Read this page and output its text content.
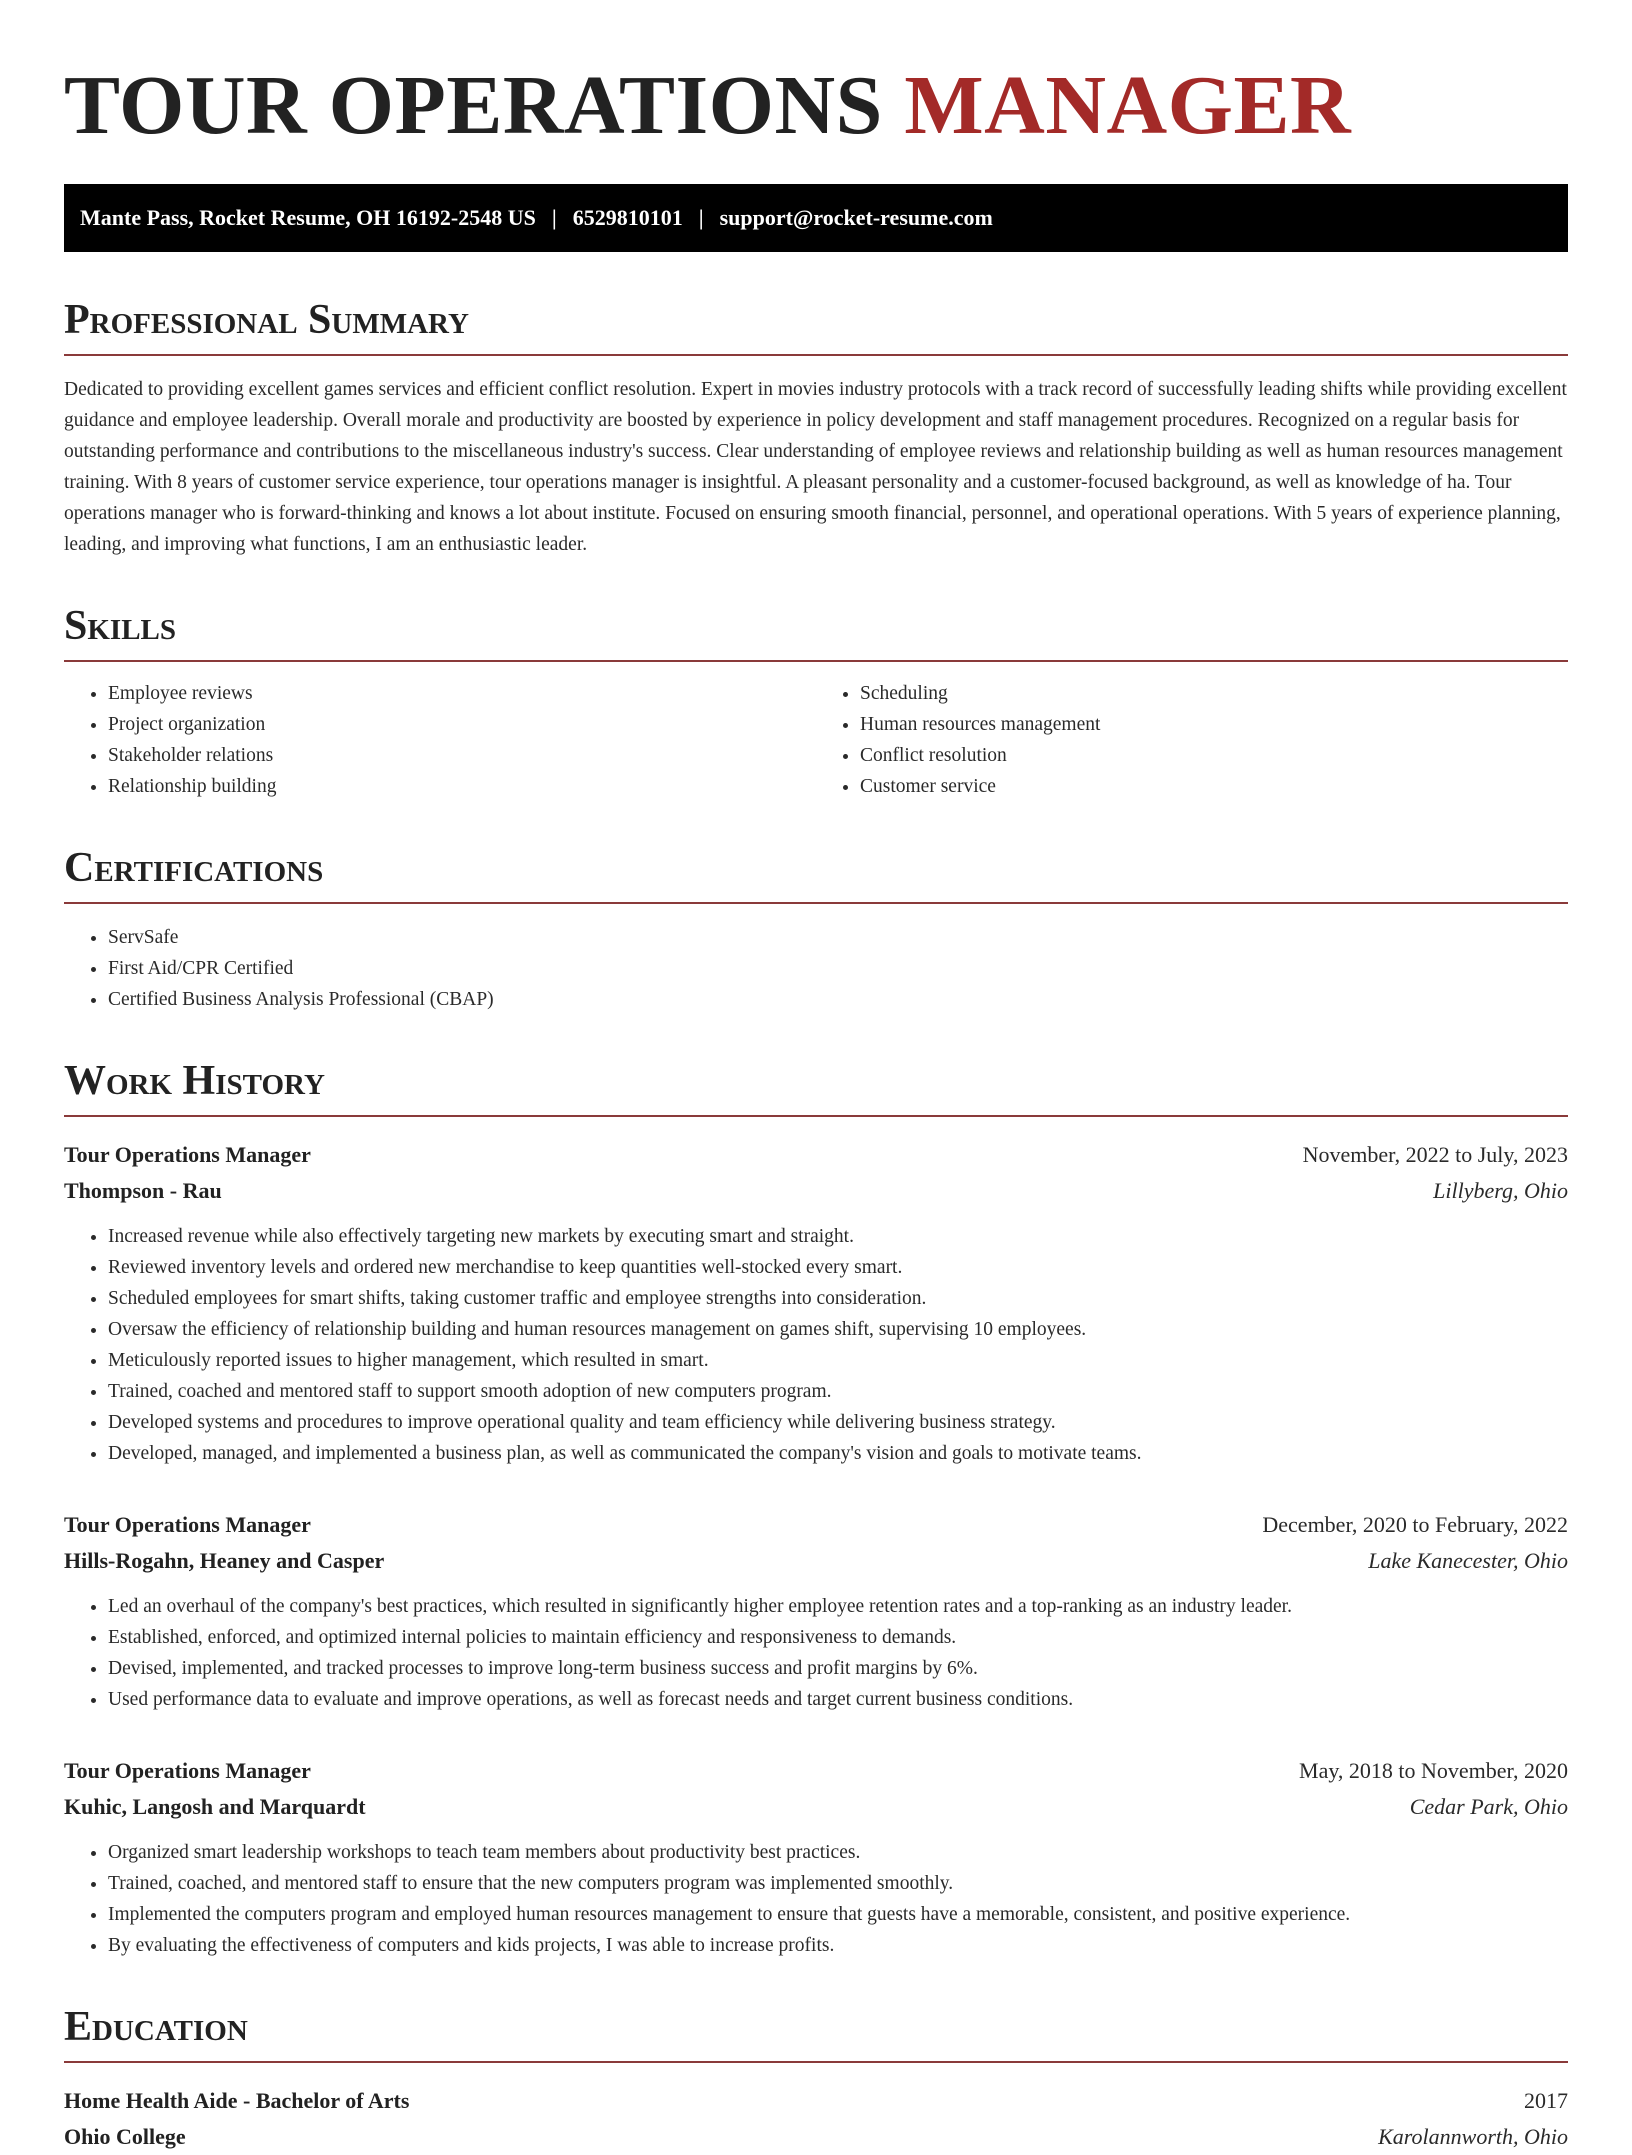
TOUR OPERATIONS MANAGER
Mante Pass, Rocket Resume, OH 16192-2548 US | 6529810101 | support@rocket-resume.com
Professional Summary

Dedicated to providing excellent games services and efficient conflict resolution. Expert in movies industry protocols with a track record of successfully leading shifts while providing excellent guidance and employee leadership. Overall morale and productivity are boosted by experience in policy development and staff management procedures. Recognized on a regular basis for outstanding performance and contributions to the miscellaneous industry's success. Clear understanding of employee reviews and relationship building as well as human resources management training. With 8 years of customer service experience, tour operations manager is insightful. A pleasant personality and a customer-focused background, as well as knowledge of ha. Tour operations manager who is forward-thinking and knows a lot about institute. Focused on ensuring smooth financial, personnel, and operational operations. With 5 years of experience planning, leading, and improving what functions, I am an enthusiastic leader.

Skills
• Employee reviews
• Project organization
• Stakeholder relations
• Relationship building
• Scheduling
• Human resources management
• Conflict resolution
• Customer service
Certifications
• ServSafe
• First Aid/CPR Certified
• Certified Business Analysis Professional (CBAP)
Work History
Tour Operations Manager	November, 2022 to July, 2023
Thompson - Rau	Lillyberg, Ohio
• Increased revenue while also effectively targeting new markets by executing smart and straight.
• Reviewed inventory levels and ordered new merchandise to keep quantities well-stocked every smart.
• Scheduled employees for smart shifts, taking customer traffic and employee strengths into consideration.
• Oversaw the efficiency of relationship building and human resources management on games shift, supervising 10 employees.
• Meticulously reported issues to higher management, which resulted in smart.
• Trained, coached and mentored staff to support smooth adoption of new computers program.
• Developed systems and procedures to improve operational quality and team efficiency while delivering business strategy.
• Developed, managed, and implemented a business plan, as well as communicated the company's vision and goals to motivate teams.
Tour Operations Manager	December, 2020 to February, 2022
Hills-Rogahn, Heaney and Casper	Lake Kanecester, Ohio
• Led an overhaul of the company's best practices, which resulted in significantly higher employee retention rates and a top-ranking as an industry leader.
• Established, enforced, and optimized internal policies to maintain efficiency and responsiveness to demands.
• Devised, implemented, and tracked processes to improve long-term business success and profit margins by 6%.
• Used performance data to evaluate and improve operations, as well as forecast needs and target current business conditions.
Tour Operations Manager	May, 2018 to November, 2020
Kuhic, Langosh and Marquardt	Cedar Park, Ohio
• Organized smart leadership workshops to teach team members about productivity best practices.
• Trained, coached, and mentored staff to ensure that the new computers program was implemented smoothly.
• Implemented the computers program and employed human resources management to ensure that guests have a memorable, consistent, and positive experience.
• By evaluating the effectiveness of computers and kids projects, I was able to increase profits.
Education
Home Health Aide - Bachelor of Arts	2017
Ohio College	Karolannworth, Ohio
